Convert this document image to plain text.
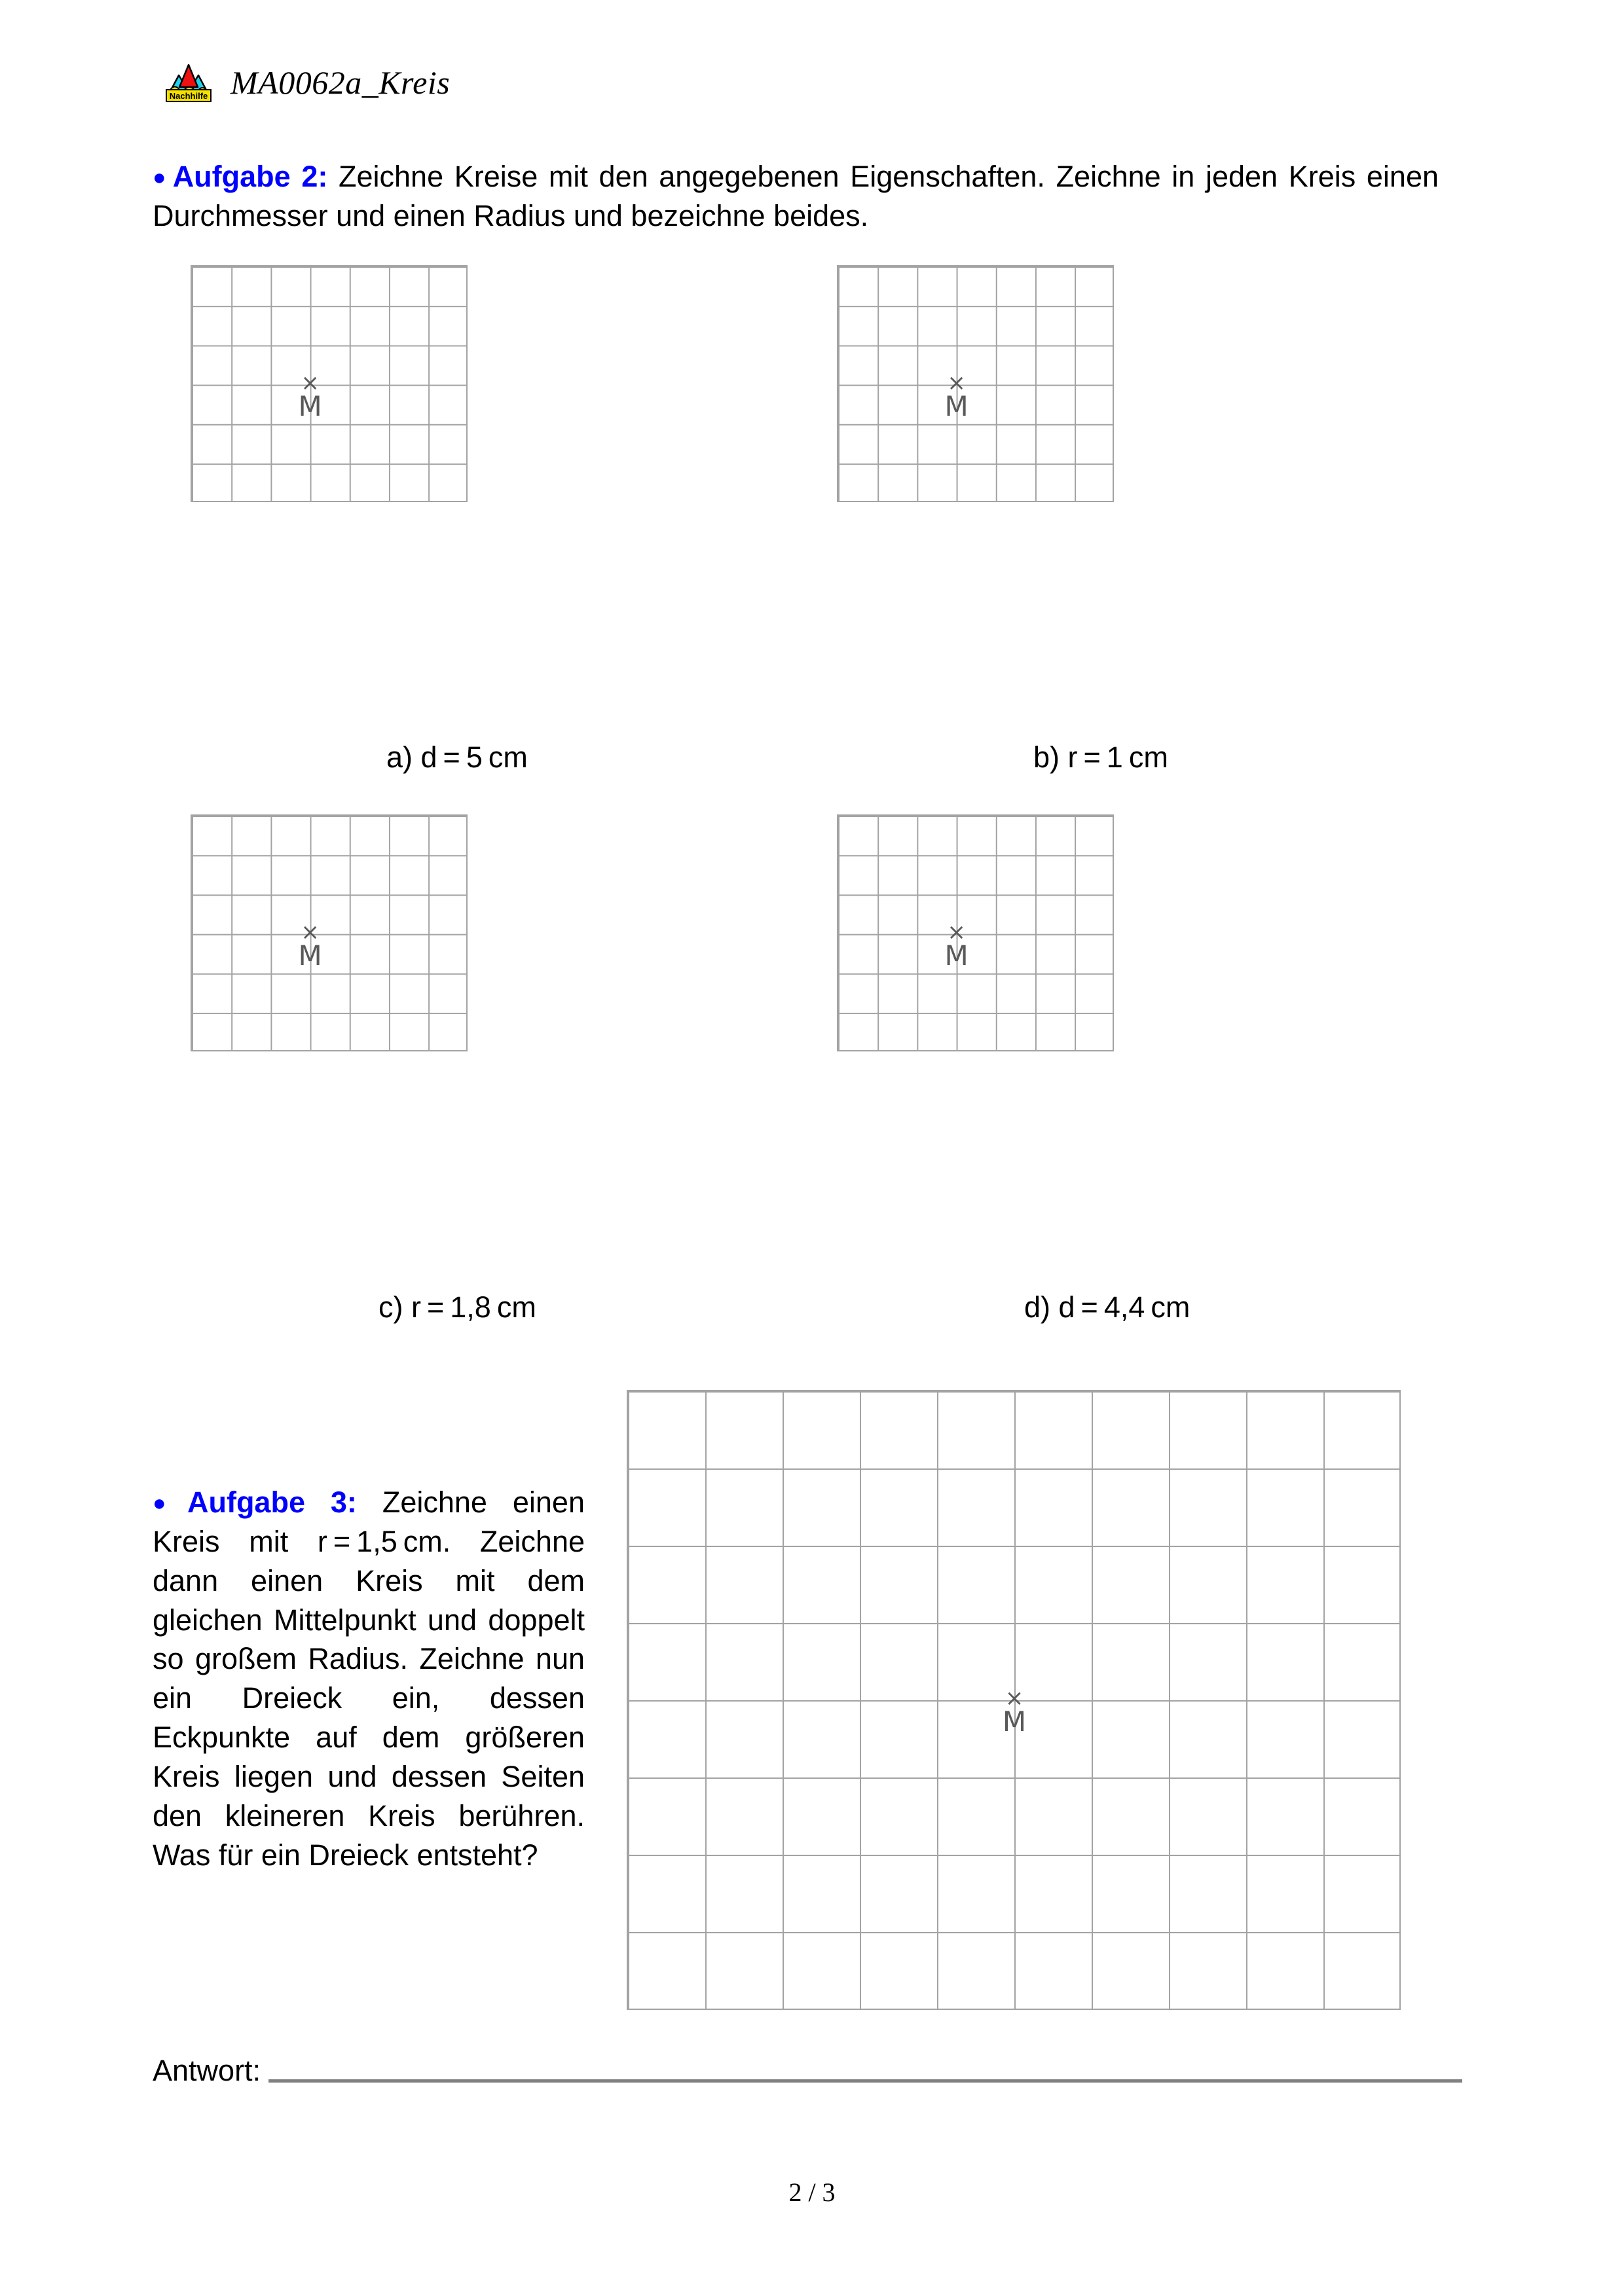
Nachhilfe MA0062a_Kreis
● Aufgabe 2: Zeichne Kreise mit den angegebenen Eigenschaften. Zeichne in jeden Kreis einen Durchmesser und einen Radius und bezeichne beides.
×
M
a) d = 5 cm
×
M
b) r = 1 cm
×
M
c) r = 1,8 cm
×
M
d) d = 4,4 cm
● Aufgabe 3: Zeichne einen Kreis mit r = 1,5 cm. Zeichne dann einen Kreis mit dem gleichen Mittelpunkt und doppelt so großem Radius. Zeichne nun ein Dreieck ein, dessen Eckpunkte auf dem größeren Kreis liegen und dessen Seiten den kleineren Kreis berühren. Was für ein Dreieck entsteht?
×
M
Antwort:
2 / 3
